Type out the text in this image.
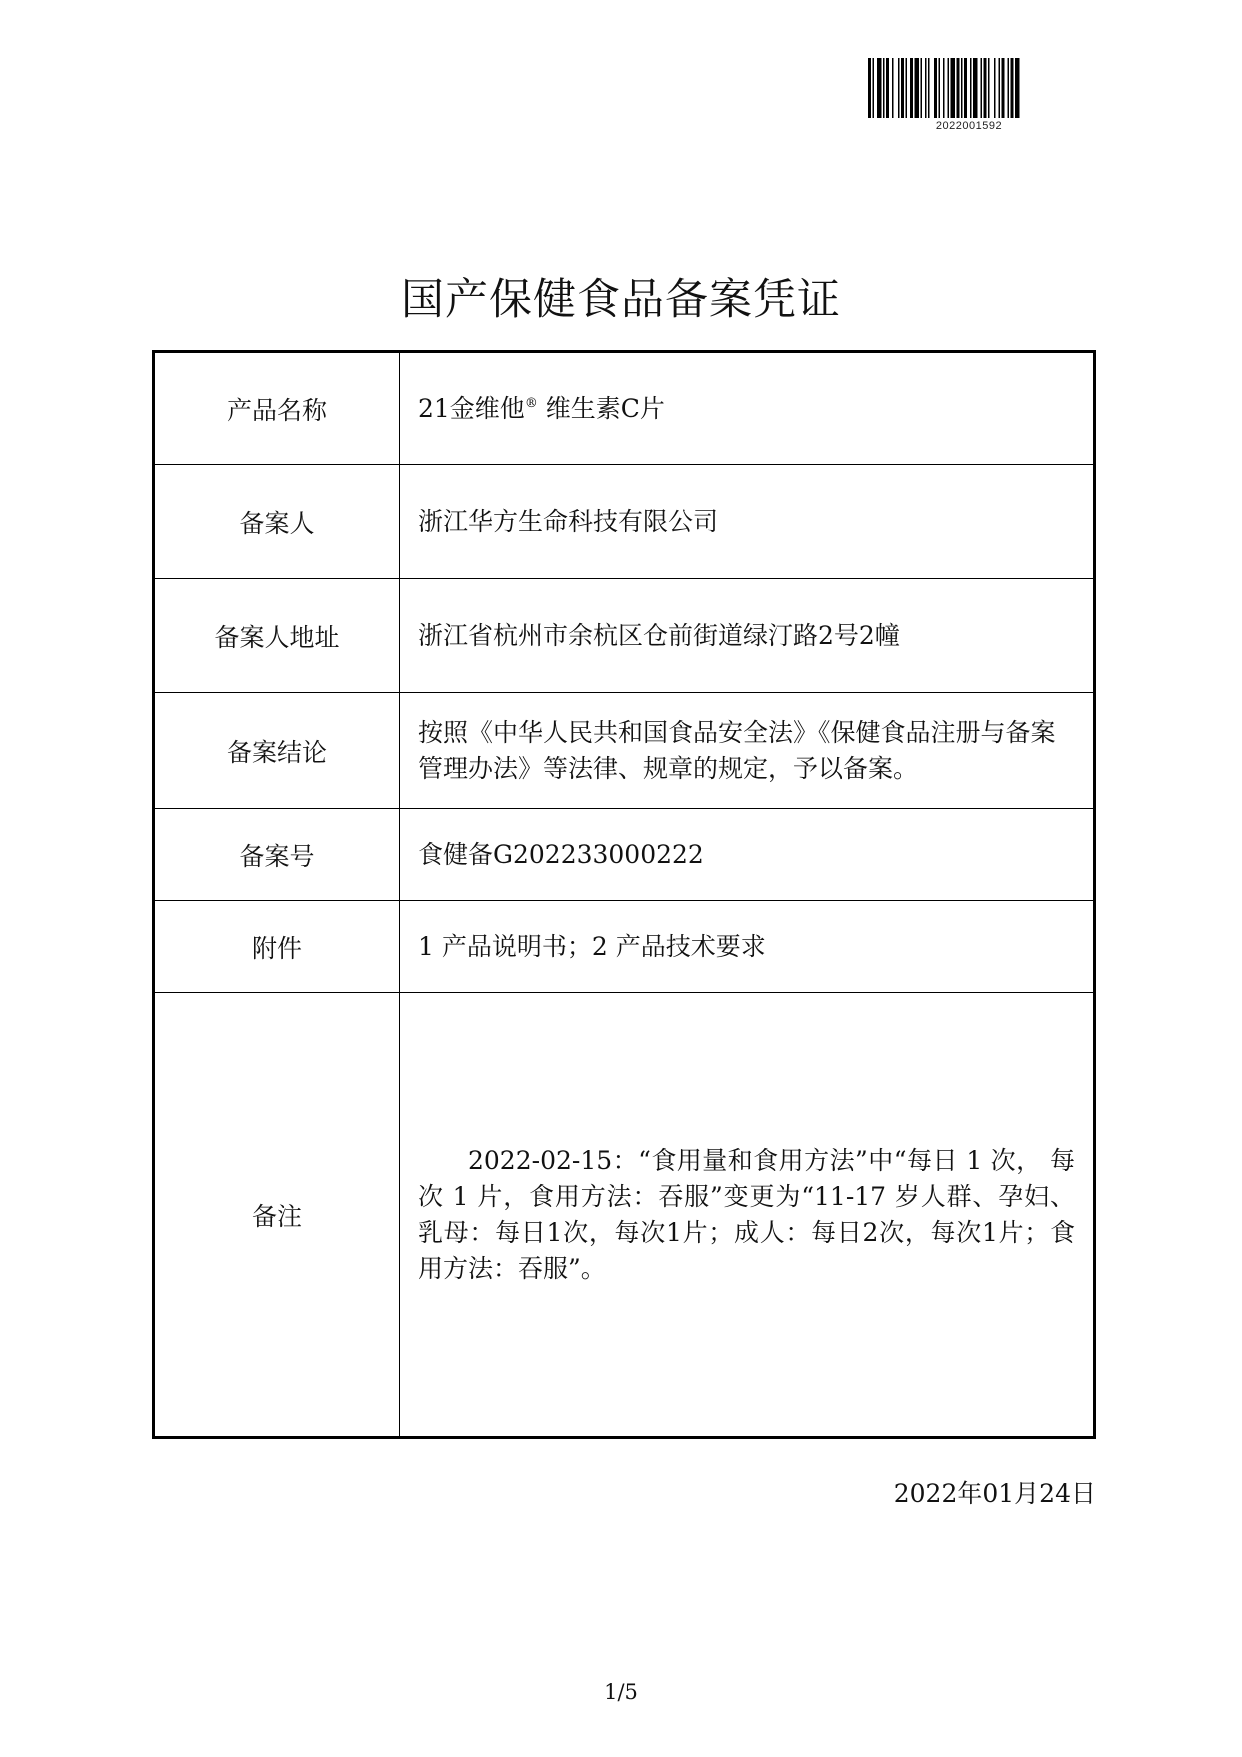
2022001592
国产保健食品备案凭证
产品名称	21金维他® 维生素C片
备案人	浙江华方生命科技有限公司
备案人地址	浙江省杭州市余杭区仓前街道绿汀路2号2幢
备案结论	按照《中华人民共和国食品安全法》《保健食品注册与备案管理办法》等法律、规章的规定，予以备案。
备案号	食健备G202233000222
附件	1 产品说明书；2 产品技术要求
备注	2022-02-15：“食用量和食用方法”中“每日 1 次， 每次 1 片，食用方法：吞服”变更为“11-17 岁人群、孕妇、乳母：每日1次，每次1片；成人：每日2次，每次1片；食用方法：吞服”。
2022年01月24日
1/5
